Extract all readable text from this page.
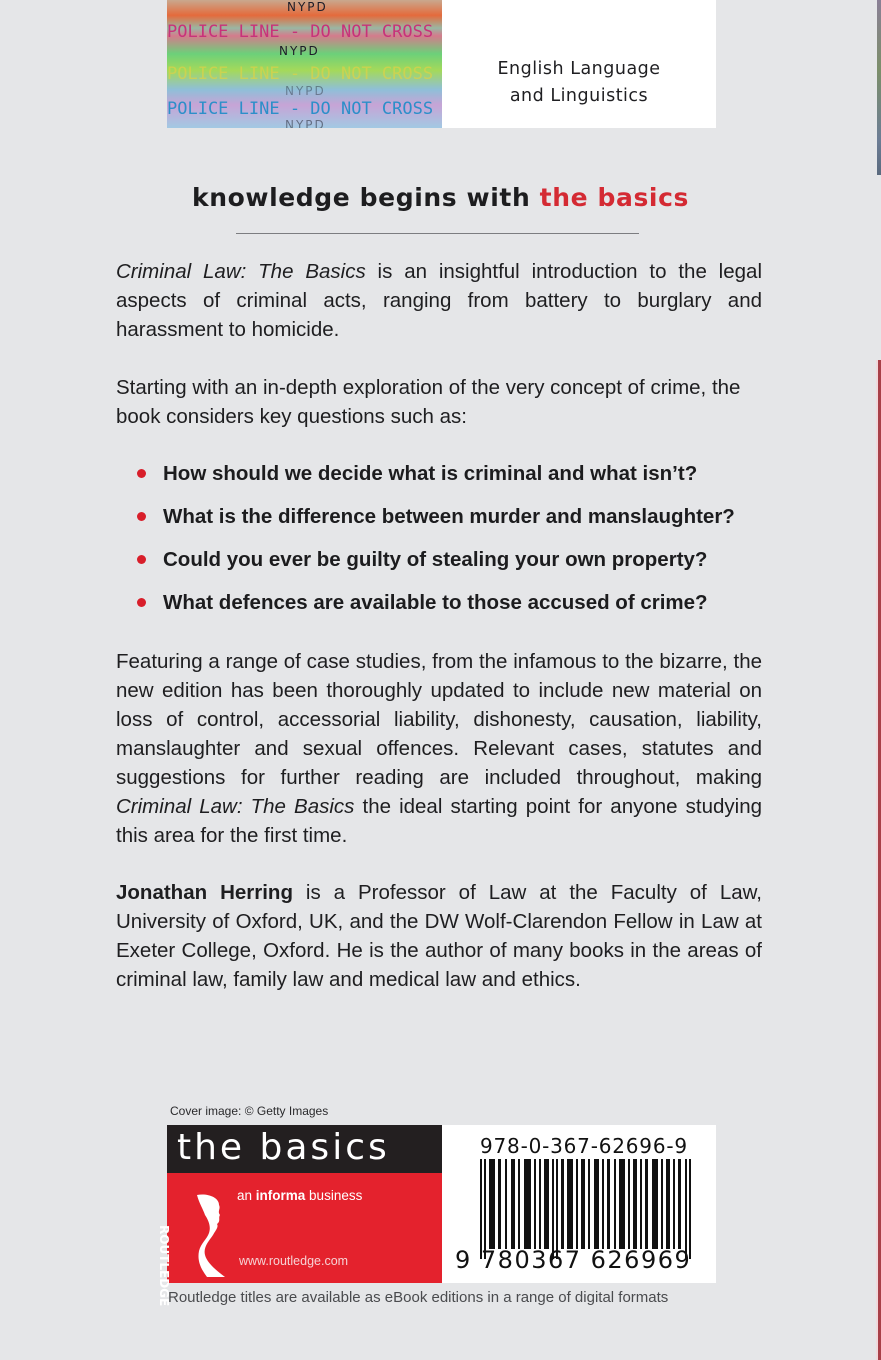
NYPD
POLICE LINE - DO NOT CROSS
NYPD
POLICE LINE - DO NOT CROSS
NYPD
POLICE LINE - DO NOT CROSS
NYPD
English Language
and Linguistics
knowledge begins with the basics
Criminal Law: The Basics is an insightful introduction to the legal aspects of criminal acts, ranging from battery to burglary and harassment to homicide.
Starting with an in-depth exploration of the very concept of crime, the book considers key questions such as:
How should we decide what is criminal and what isn’t?
What is the difference between murder and manslaughter?
Could you ever be guilty of stealing your own property?
What defences are available to those accused of crime?
Featuring a range of case studies, from the infamous to the bizarre, the new edition has been thoroughly updated to include new material on loss of control, accessorial liability, dishonesty, causation, liability, manslaughter and sexual offences. Relevant cases, statutes and suggestions for further reading are included throughout, making Criminal Law: The Basics the ideal starting point for anyone studying this area for the first time.
Jonathan Herring is a Professor of Law at the Faculty of Law, University of Oxford, UK, and the DW Wolf-Clarendon Fellow in Law at Exeter College, Oxford. He is the author of many books in the areas of criminal law, family law and medical law and ethics.
Cover image: © Getty Images
the basics
ROUTLEDGE
an informa business
www.routledge.com
978-0-367-62696-9
9 780367 626969
Routledge titles are available as eBook editions in a range of digital formats
